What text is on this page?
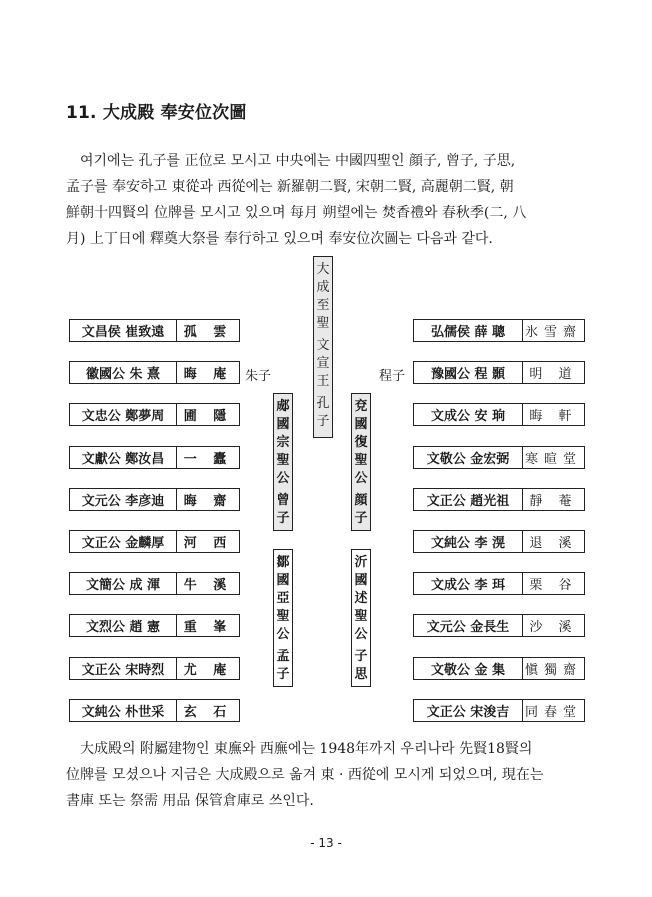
11. 大成殿 奉安位次圖

여기에는 孔子를 正位로 모시고 中央에는 中國四聖인 顔子, 曾子, 子思,
孟子를 奉安하고 東從과 西從에는 新羅朝二賢, 宋朝二賢, 高麗朝二賢, 朝
鮮朝十四賢의 位牌를 모시고 있으며 每月 朔望에는 焚香禮와 春秋季(二, 八
月) 上丁日에 釋奠大祭를 奉行하고 있으며 奉安位次圖는 다음과 같다.

大
成
至
聖
文
宣
王
孔
子
郕
國
宗
聖
公
曾
子
兗
國
復
聖
公
顔
子
鄒
國
亞
聖
公
孟
子
沂
國
述
聖
公
子
思
朱子	程子
文昌侯 崔致遠	孤 雲
徽國公 朱 熹	晦 庵
文忠公 鄭夢周	圃 隱
文獻公 鄭汝昌	一 蠹
文元公 李彦迪	晦 齋
文正公 金麟厚	河 西
文簡公 成 渾	牛 溪
文烈公 趙 憲	重 峯
文正公 宋時烈	尤 庵
文純公 朴世采	玄 石
弘儒侯 薛 聰	氷雪齋
豫國公 程 顥	明 道
文成公 安 珦	晦 軒
文敬公 金宏弼	寒暄堂
文正公 趙光祖	靜 菴
文純公 李 滉	退 溪
文成公 李 珥	栗 谷
文元公 金長生	沙 溪
文敬公 金 集	愼獨齋
文正公 宋浚吉	同春堂

大成殿의 附屬建物인 東廡와 西廡에는 1948年까지 우리나라 先賢18賢의
位牌를 모셨으나 지금은 大成殿으로 옮겨 東 · 西從에 모시게 되었으며, 現在는
書庫 또는 祭需 用品 保管倉庫로 쓰인다.

- 13 -
